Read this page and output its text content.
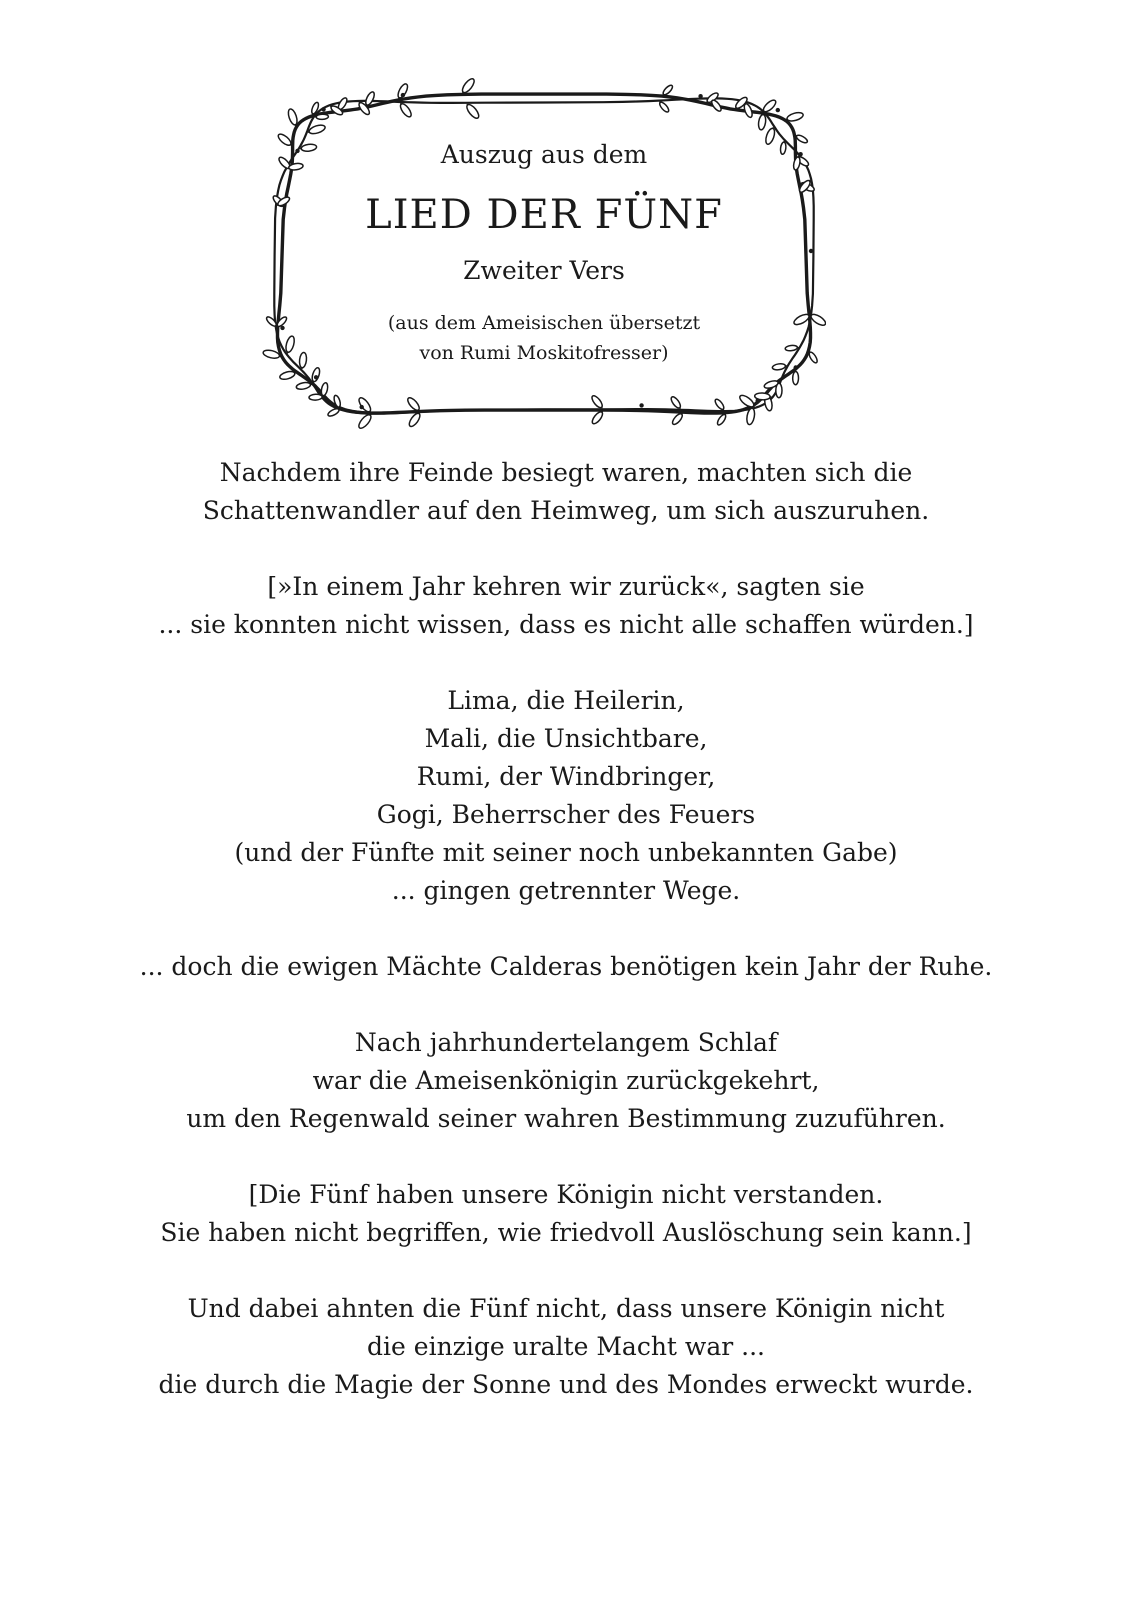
Auszug aus dem
LIED DER FÜNF
Zweiter Vers
(aus dem Ameisischen übersetzt
von Rumi Moskitofresser)

Nachdem ihre Feinde besiegt waren, machten sich die
Schattenwandler auf den Heimweg, um sich auszuruhen.

[»In einem Jahr kehren wir zurück«, sagten sie
... sie konnten nicht wissen, dass es nicht alle schaffen würden.]

Lima, die Heilerin,
Mali, die Unsichtbare,
Rumi, der Windbringer,
Gogi, Beherrscher des Feuers
(und der Fünfte mit seiner noch unbekannten Gabe)
... gingen getrennter Wege.

... doch die ewigen Mächte Calderas benötigen kein Jahr der Ruhe.

Nach jahrhundertelangem Schlaf
war die Ameisenkönigin zurückgekehrt,
um den Regenwald seiner wahren Bestimmung zuzuführen.

[Die Fünf haben unsere Königin nicht verstanden.
Sie haben nicht begriffen, wie friedvoll Auslöschung sein kann.]

Und dabei ahnten die Fünf nicht, dass unsere Königin nicht
die einzige uralte Macht war ...
die durch die Magie der Sonne und des Mondes erweckt wurde.
